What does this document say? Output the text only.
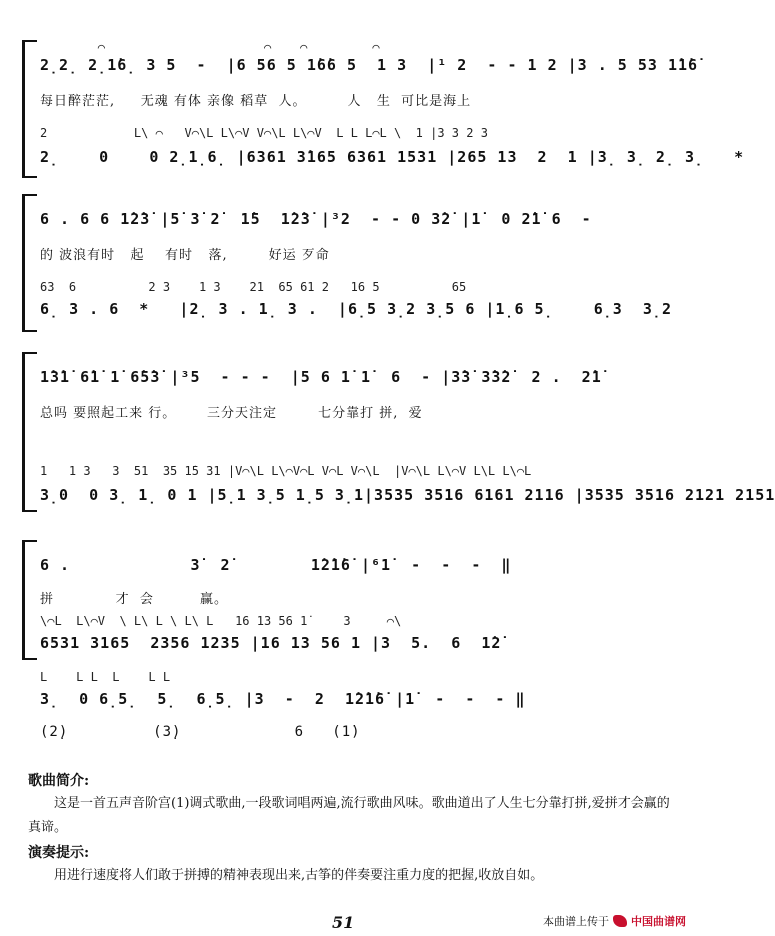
⌒                      ⌒    ⌒         ⌒
2̣2̣ 2̣1̇6̣ 3 5  -  |6 56 5 1̇6̇6 5  1 3  |¹ 2  - - 1 2 |3 . 5 53 1̇1̇6̇
每日醉茫茫,     无魂 有体 亲像 稻草  人。        人   生  可比是海上
2            L\ ⌒   V⌒\L L\⌒V V⌒\L L\⌒V  L L L⌒L \  1 |3 3 2 3
2̣    0    0 2̣1̣6̣ |6361 3̇165 6361 1531 |265 13  2  1 |3̣ 3̣ 2̣ 3̣   *
6 . 6 6 1̇2̇3̇ |5̇ 3̇ 2̇  1̇5  1̇2̇3̇ |³2  - - 0 3̇2̇ |1̇  0 2̇1̇ 6  -
的 波浪有时   起    有时   落,        好运 歹命
63  6          2 3    1 3    21  65 61 2   16 5          65
6̣ 3 . 6  *   |2̣ 3 . 1̣ 3 .  |6̣5 3̣2 3̣5 6 |1̣6 5̣    6̣3  3̣2
1̇3̇1̇ 6̇1̇ 1̇ 6̇5̇3̇ |³5  - - -  |5 6 1̇ 1̇  6  - |3̇3̇ 3̇3̇2̇  2 .  2̇1̇
总吗 要照起工来 行。      三分天注定        七分靠打 拼,  爱
1   1 3   3  51  35 1̇5 31 |V⌒\L L\⌒V⌒L V⌒L V⌒\L  |V⌒\L L\⌒V L\L L\⌒L
3̣0  0 3̣ 1̣ 0 1 |5̣1 3̣5 1̣5 3̣1|3535 3516 6161 2116 |3535 3516 2121 2151
6 .            3̇  2̇        1̇2̇1̇6̇ |⁶1̇  -  -  -  ‖
拼            才  会         赢。
\⌒L  L\⌒V  \ L\ L \ L\ L   16 13 56 1̇     3     ⌒\
6531 3165  2356 1235 |16 13 56 1 |3  5.  6  1̇2̇
L    L L  L    L L
3̣  0 6̣5̣  5̣  6̣5̣ |3  -  2  1̇2̇1̇6̇ |1̇  -  -  - ‖
(2̣)         (3̣)            6   (1̇)
歌曲简介:

这是一首五声音阶宫(1)调式歌曲,一段歌词唱两遍,流行歌曲风味。歌曲道出了人生七分靠打拼,爱拼才会赢的真谛。

演奏提示:

用进行速度将人们敢于拼搏的精神表现出来,古筝的伴奏要注重力度的把握,收放自如。

51	本曲谱上传于 中国曲谱网
